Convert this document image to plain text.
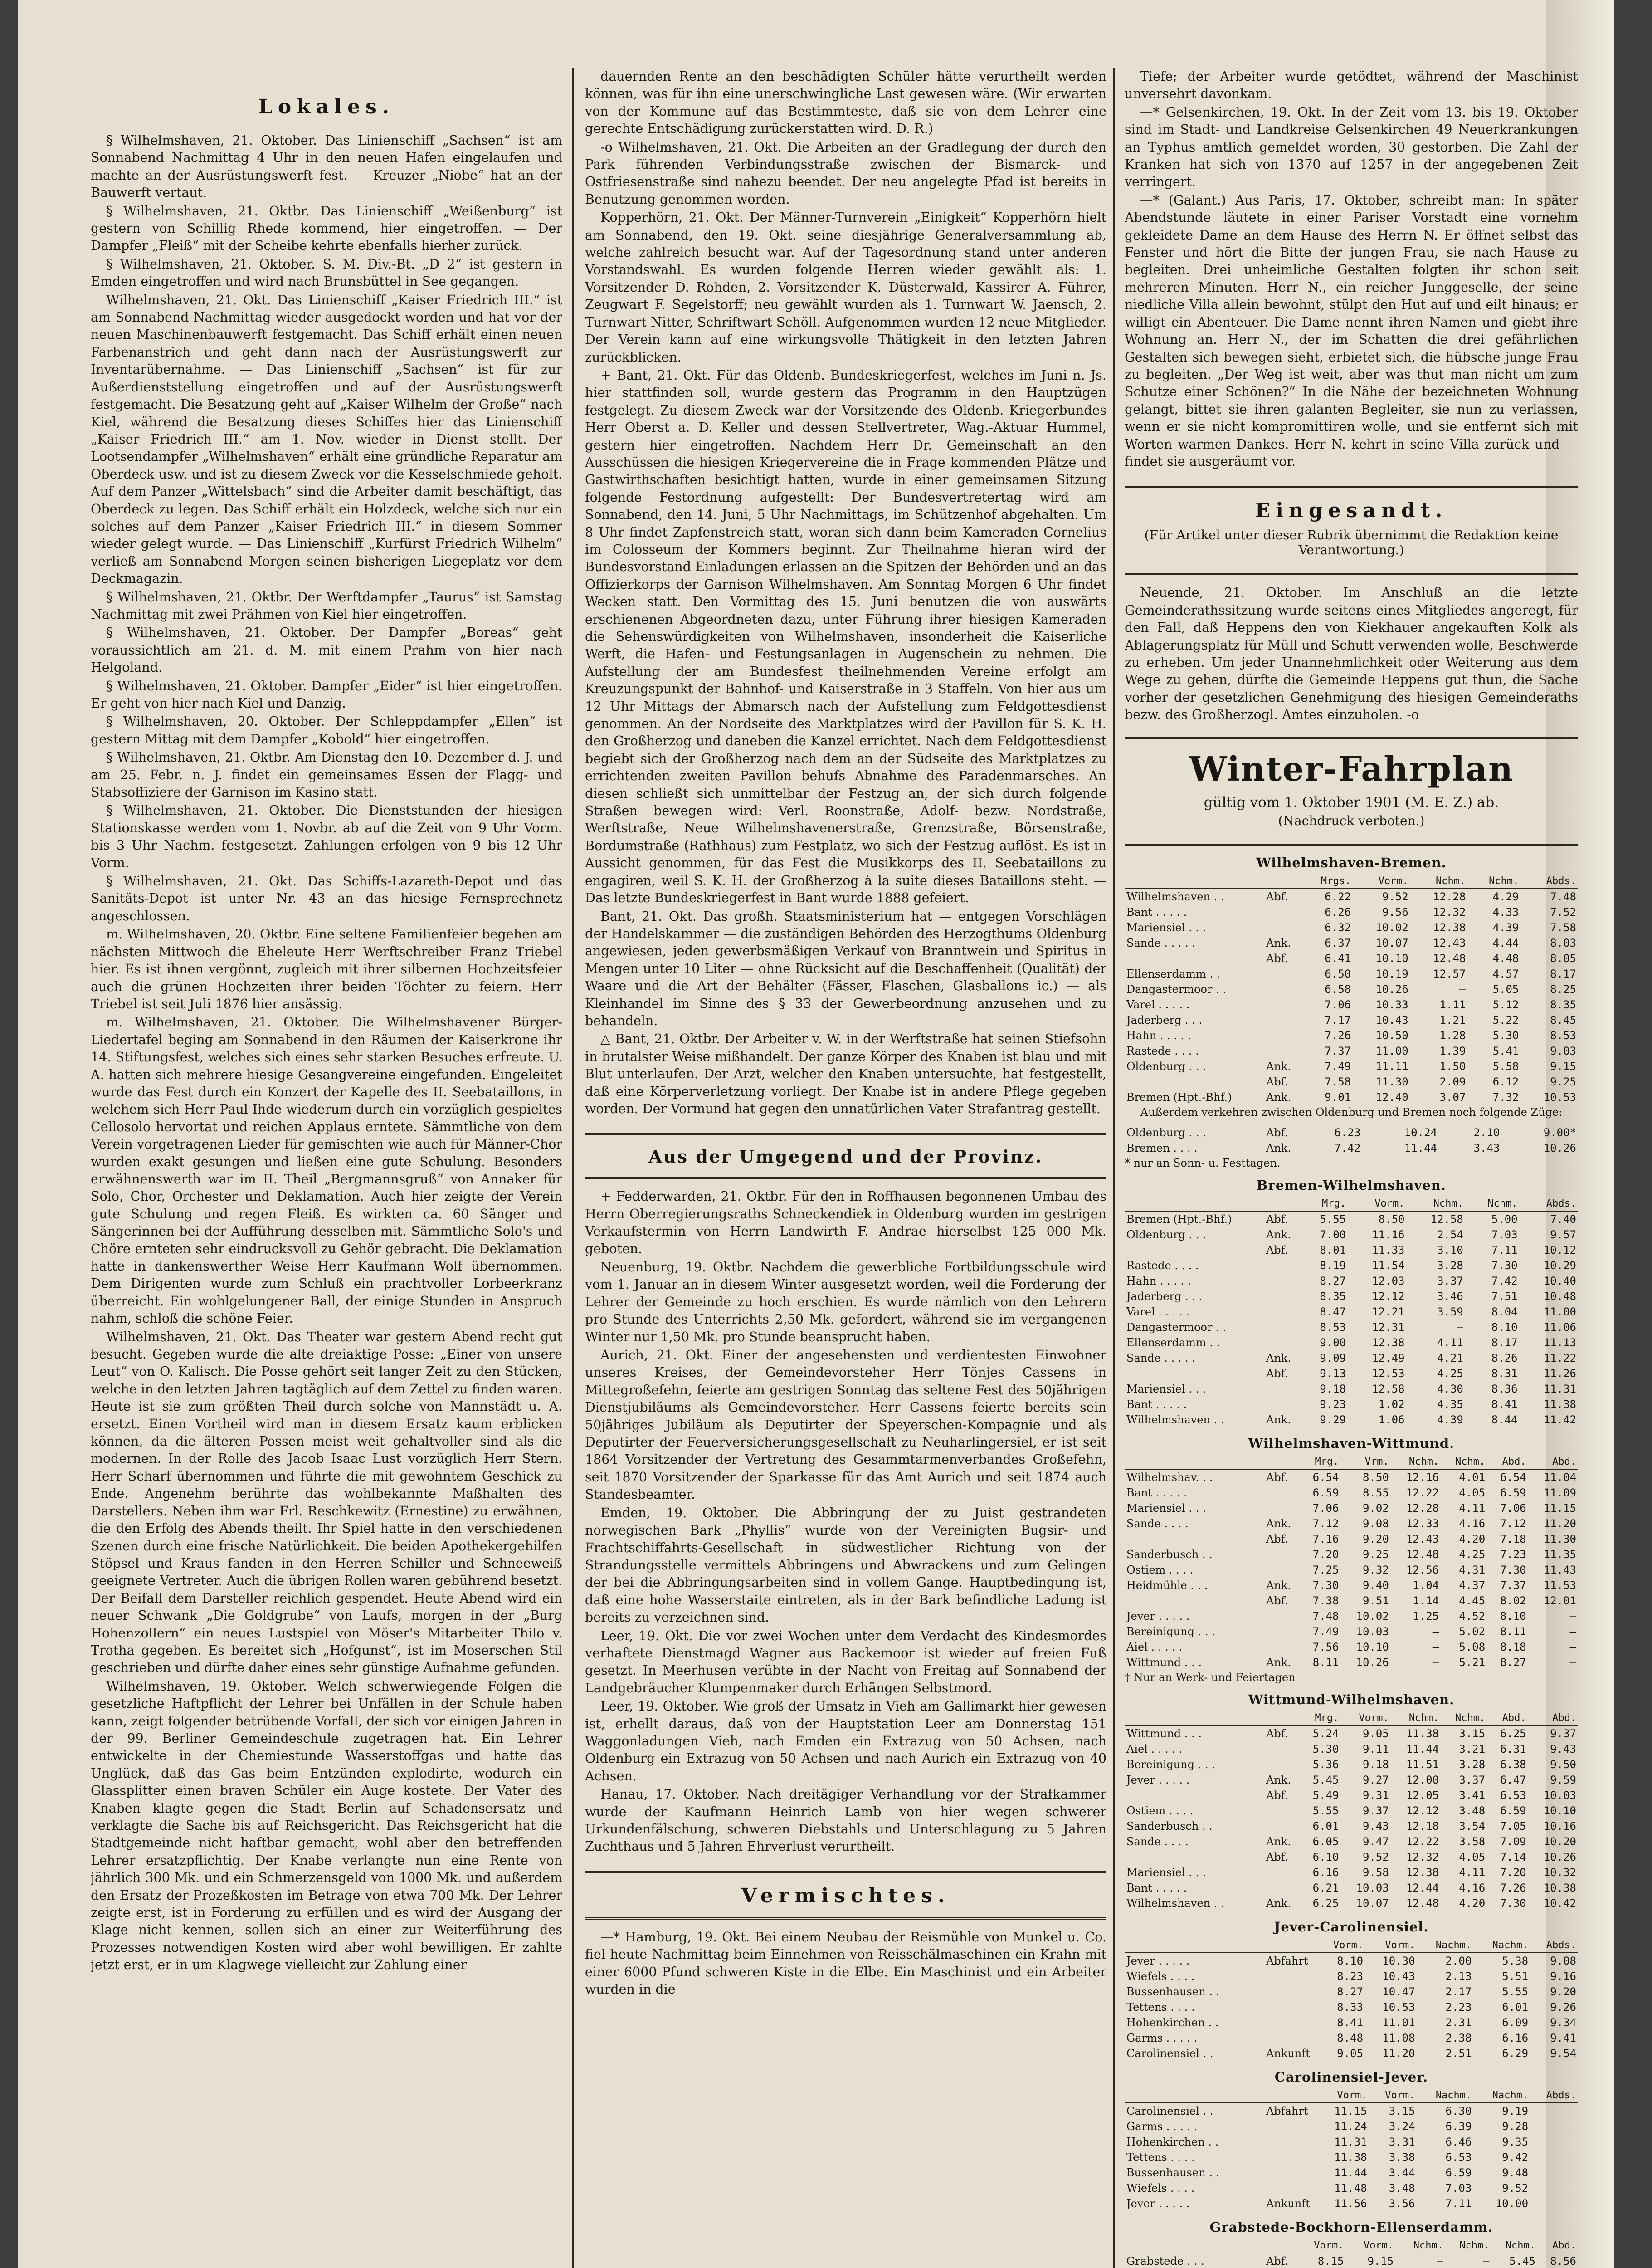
Lokales.

§ Wilhelmshaven, 21. Oktober. Das Linienschiff „Sachsen“ ist am Sonnabend Nachmittag 4 Uhr in den neuen Hafen eingelaufen und machte an der Ausrüstungswerft fest. — Kreuzer „Niobe“ hat an der Bauwerft vertaut.

§ Wilhelmshaven, 21. Oktbr. Das Linienschiff „Weißenburg“ ist gestern von Schillig Rhede kommend, hier eingetroffen. — Der Dampfer „Fleiß“ mit der Scheibe kehrte ebenfalls hierher zurück.

§ Wilhelmshaven, 21. Oktober. S. M. Div.-Bt. „D 2“ ist gestern in Emden eingetroffen und wird nach Brunsbüttel in See gegangen.

Wilhelmshaven, 21. Okt. Das Linienschiff „Kaiser Friedrich III.“ ist am Sonnabend Nachmittag wieder ausgedockt worden und hat vor der neuen Maschinenbauwerft festgemacht. Das Schiff erhält einen neuen Farbenanstrich und geht dann nach der Ausrüstungswerft zur Inventarübernahme. — Das Linienschiff „Sachsen“ ist für zur Außerdienststellung eingetroffen und auf der Ausrüstungswerft festgemacht. Die Besatzung geht auf „Kaiser Wilhelm der Große“ nach Kiel, während die Besatzung dieses Schiffes hier das Linienschiff „Kaiser Friedrich III.“ am 1. Nov. wieder in Dienst stellt. Der Lootsendampfer „Wilhelmshaven“ erhält eine gründliche Reparatur am Oberdeck usw. und ist zu diesem Zweck vor die Kesselschmiede geholt. Auf dem Panzer „Wittelsbach“ sind die Arbeiter damit beschäftigt, das Oberdeck zu legen. Das Schiff erhält ein Holzdeck, welche sich nur ein solches auf dem Panzer „Kaiser Friedrich III.“ in diesem Sommer wieder gelegt wurde. — Das Linienschiff „Kurfürst Friedrich Wilhelm“ verließ am Sonnabend Morgen seinen bisherigen Liegeplatz vor dem Deckmagazin.

§ Wilhelmshaven, 21. Oktbr. Der Werftdampfer „Taurus“ ist Samstag Nachmittag mit zwei Prähmen von Kiel hier eingetroffen.

§ Wilhelmshaven, 21. Oktober. Der Dampfer „Boreas“ geht voraussichtlich am 21. d. M. mit einem Prahm von hier nach Helgoland.

§ Wilhelmshaven, 21. Oktober. Dampfer „Eider“ ist hier eingetroffen. Er geht von hier nach Kiel und Danzig.

§ Wilhelmshaven, 20. Oktober. Der Schleppdampfer „Ellen“ ist gestern Mittag mit dem Dampfer „Kobold“ hier eingetroffen.

§ Wilhelmshaven, 21. Oktbr. Am Dienstag den 10. Dezember d. J. und am 25. Febr. n. J. findet ein gemeinsames Essen der Flagg- und Stabsoffiziere der Garnison im Kasino statt.

§ Wilhelmshaven, 21. Oktober. Die Dienststunden der hiesigen Stationskasse werden vom 1. Novbr. ab auf die Zeit von 9 Uhr Vorm. bis 3 Uhr Nachm. festgesetzt. Zahlungen erfolgen von 9 bis 12 Uhr Vorm.

§ Wilhelmshaven, 21. Okt. Das Schiffs-Lazareth-Depot und das Sanitäts-Depot ist unter Nr. 43 an das hiesige Fernsprechnetz angeschlossen.

m. Wilhelmshaven, 20. Oktbr. Eine seltene Familienfeier begehen am nächsten Mittwoch die Eheleute Herr Werftschreiber Franz Triebel hier. Es ist ihnen vergönnt, zugleich mit ihrer silbernen Hochzeitsfeier auch die grünen Hochzeiten ihrer beiden Töchter zu feiern. Herr Triebel ist seit Juli 1876 hier ansässig.

m. Wilhelmshaven, 21. Oktober. Die Wilhelmshavener Bürger-Liedertafel beging am Sonnabend in den Räumen der Kaiserkrone ihr 14. Stiftungsfest, welches sich eines sehr starken Besuches erfreute. U. A. hatten sich mehrere hiesige Gesangvereine eingefunden. Eingeleitet wurde das Fest durch ein Konzert der Kapelle des II. Seebataillons, in welchem sich Herr Paul Ihde wiederum durch ein vorzüglich gespieltes Cellosolo hervortat und reichen Applaus erntete. Sämmtliche von dem Verein vorgetragenen Lieder für gemischten wie auch für Männer-Chor wurden exakt gesungen und ließen eine gute Schulung. Besonders erwähnenswerth war im II. Theil „Bergmannsgruß“ von Annaker für Solo, Chor, Orchester und Deklamation. Auch hier zeigte der Verein gute Schulung und regen Fleiß. Es wirkten ca. 60 Sänger und Sängerinnen bei der Aufführung desselben mit. Sämmtliche Solo's und Chöre ernteten sehr eindrucksvoll zu Gehör gebracht. Die Deklamation hatte in dankenswerther Weise Herr Kaufmann Wolf übernommen. Dem Dirigenten wurde zum Schluß ein prachtvoller Lorbeerkranz überreicht. Ein wohlgelungener Ball, der einige Stunden in Anspruch nahm, schloß die schöne Feier.

Wilhelmshaven, 21. Okt. Das Theater war gestern Abend recht gut besucht. Gegeben wurde die alte dreiaktige Posse: „Einer von unsere Leut“ von O. Kalisch. Die Posse gehört seit langer Zeit zu den Stücken, welche in den letzten Jahren tagtäglich auf dem Zettel zu finden waren. Heute ist sie zum größten Theil durch solche von Mannstädt u. A. ersetzt. Einen Vortheil wird man in diesem Ersatz kaum erblicken können, da die älteren Possen meist weit gehaltvoller sind als die modernen. In der Rolle des Jacob Isaac Lust vorzüglich Herr Stern. Herr Scharf übernommen und führte die mit gewohntem Geschick zu Ende. Angenehm berührte das wohlbekannte Maßhalten des Darstellers. Neben ihm war Frl. Reschkewitz (Ernestine) zu erwähnen, die den Erfolg des Abends theilt. Ihr Spiel hatte in den verschiedenen Szenen durch eine frische Natürlichkeit. Die beiden Apothekergehilfen Stöpsel und Kraus fanden in den Herren Schiller und Schneeweiß geeignete Vertreter. Auch die übrigen Rollen waren gebührend besetzt. Der Beifall dem Darsteller reichlich gespendet. Heute Abend wird ein neuer Schwank „Die Goldgrube“ von Laufs, morgen in der „Burg Hohenzollern“ ein neues Lustspiel von Möser's Mitarbeiter Thilo v. Trotha gegeben. Es bereitet sich „Hofgunst“, ist im Moserschen Stil geschrieben und dürfte daher eines sehr günstige Aufnahme gefunden.

Wilhelmshaven, 19. Oktober. Welch schwerwiegende Folgen die gesetzliche Haftpflicht der Lehrer bei Unfällen in der Schule haben kann, zeigt folgender betrübende Vorfall, der sich vor einigen Jahren in der 99. Berliner Gemeindeschule zugetragen hat. Ein Lehrer entwickelte in der Chemiestunde Wasserstoffgas und hatte das Unglück, daß das Gas beim Entzünden explodirte, wodurch ein Glassplitter einen braven Schüler ein Auge kostete. Der Vater des Knaben klagte gegen die Stadt Berlin auf Schadensersatz und verklagte die Sache bis auf Reichsgericht. Das Reichsgericht hat die Stadtgemeinde nicht haftbar gemacht, wohl aber den betreffenden Lehrer ersatzpflichtig. Der Knabe verlangte nun eine Rente von jährlich 300 Mk. und ein Schmerzensgeld von 1000 Mk. und außerdem den Ersatz der Prozeßkosten im Betrage von etwa 700 Mk. Der Lehrer zeigte erst, ist in Forderung zu erfüllen und es wird der Ausgang der Klage nicht kennen, sollen sich an einer zur Weiterführung des Prozesses notwendigen Kosten wird aber wohl bewilligen. Er zahlte jetzt erst, er in um Klagwege vielleicht zur Zahlung einer

dauernden Rente an den beschädigten Schüler hätte verurtheilt werden können, was für ihn eine unerschwingliche Last gewesen wäre. (Wir erwarten von der Kommune auf das Bestimmteste, daß sie von dem Lehrer eine gerechte Entschädigung zurückerstatten wird. D. R.)

-o Wilhelmshaven, 21. Okt. Die Arbeiten an der Gradlegung der durch den Park führenden Verbindungsstraße zwischen der Bismarck- und Ostfriesenstraße sind nahezu beendet. Der neu angelegte Pfad ist bereits in Benutzung genommen worden.

Kopperhörn, 21. Okt. Der Männer-Turnverein „Einigkeit“ Kopperhörn hielt am Sonnabend, den 19. Okt. seine diesjährige Generalversammlung ab, welche zahlreich besucht war. Auf der Tagesordnung stand unter anderen Vorstandswahl. Es wurden folgende Herren wieder gewählt als: 1. Vorsitzender D. Rohden, 2. Vorsitzender K. Düsterwald, Kassirer A. Führer, Zeugwart F. Segelstorff; neu gewählt wurden als 1. Turnwart W. Jaensch, 2. Turnwart Nitter, Schriftwart Schöll. Aufgenommen wurden 12 neue Mitglieder. Der Verein kann auf eine wirkungsvolle Thätigkeit in den letzten Jahren zurückblicken.

+ Bant, 21. Okt. Für das Oldenb. Bundeskriegerfest, welches im Juni n. Js. hier stattfinden soll, wurde gestern das Programm in den Hauptzügen festgelegt. Zu diesem Zweck war der Vorsitzende des Oldenb. Kriegerbundes Herr Oberst a. D. Keller und dessen Stellvertreter, Wag.-Aktuar Hummel, gestern hier eingetroffen. Nachdem Herr Dr. Gemeinschaft an den Ausschüssen die hiesigen Kriegervereine die in Frage kommenden Plätze und Gastwirthschaften besichtigt hatten, wurde in einer gemeinsamen Sitzung folgende Festordnung aufgestellt: Der Bundesvertretertag wird am Sonnabend, den 14. Juni, 5 Uhr Nachmittags, im Schützenhof abgehalten. Um 8 Uhr findet Zapfenstreich statt, woran sich dann beim Kameraden Cornelius im Colosseum der Kommers beginnt. Zur Theilnahme hieran wird der Bundesvorstand Einladungen erlassen an die Spitzen der Behörden und an das Offizierkorps der Garnison Wilhelmshaven. Am Sonntag Morgen 6 Uhr findet Wecken statt. Den Vormittag des 15. Juni benutzen die von auswärts erschienenen Abgeordneten dazu, unter Führung ihrer hiesigen Kameraden die Sehenswürdigkeiten von Wilhelmshaven, insonderheit die Kaiserliche Werft, die Hafen- und Festungsanlagen in Augenschein zu nehmen. Die Aufstellung der am Bundesfest theilnehmenden Vereine erfolgt am Kreuzungspunkt der Bahnhof- und Kaiserstraße in 3 Staffeln. Von hier aus um 12 Uhr Mittags der Abmarsch nach der Aufstellung zum Feldgottesdienst genommen. An der Nordseite des Marktplatzes wird der Pavillon für S. K. H. den Großherzog und daneben die Kanzel errichtet. Nach dem Feldgottesdienst begiebt sich der Großherzog nach dem an der Südseite des Marktplatzes zu errichtenden zweiten Pavillon behufs Abnahme des Paradenmarsches. An diesen schließt sich unmittelbar der Festzug an, der sich durch folgende Straßen bewegen wird: Verl. Roonstraße, Adolf- bezw. Nordstraße, Werftstraße, Neue Wilhelmshavenerstraße, Grenzstraße, Börsenstraße, Bordumstraße (Rathhaus) zum Festplatz, wo sich der Festzug auflöst. Es ist in Aussicht genommen, für das Fest die Musikkorps des II. Seebataillons zu engagiren, weil S. K. H. der Großherzog à la suite dieses Bataillons steht. — Das letzte Bundeskriegerfest in Bant wurde 1888 gefeiert.

Bant, 21. Okt. Das großh. Staatsministerium hat — entgegen Vorschlägen der Handelskammer — die zuständigen Behörden des Herzogthums Oldenburg angewiesen, jeden gewerbsmäßigen Verkauf von Branntwein und Spiritus in Mengen unter 10 Liter — ohne Rücksicht auf die Beschaffenheit (Qualität) der Waare und die Art der Behälter (Fässer, Flaschen, Glasballons ic.) — als Kleinhandel im Sinne des § 33 der Gewerbeordnung anzusehen und zu behandeln.

△ Bant, 21. Oktbr. Der Arbeiter v. W. in der Werftstraße hat seinen Stiefsohn in brutalster Weise mißhandelt. Der ganze Körper des Knaben ist blau und mit Blut unterlaufen. Der Arzt, welcher den Knaben untersuchte, hat festgestellt, daß eine Körperverletzung vorliegt. Der Knabe ist in andere Pflege gegeben worden. Der Vormund hat gegen den unnatürlichen Vater Strafantrag gestellt.

Aus der Umgegend und der Provinz.

+ Fedderwarden, 21. Oktbr. Für den in Roffhausen begonnenen Umbau des Herrn Oberregierungsraths Schneckendiek in Oldenburg wurden im gestrigen Verkaufstermin von Herrn Landwirth F. Andrae hierselbst 125 000 Mk. geboten.

Neuenburg, 19. Oktbr. Nachdem die gewerbliche Fortbildungsschule wird vom 1. Januar an in diesem Winter ausgesetzt worden, weil die Forderung der Lehrer der Gemeinde zu hoch erschien. Es wurde nämlich von den Lehrern pro Stunde des Unterrichts 2,50 Mk. gefordert, während sie im vergangenen Winter nur 1,50 Mk. pro Stunde beansprucht haben.

Aurich, 21. Okt. Einer der angesehensten und verdientesten Einwohner unseres Kreises, der Gemeindevorsteher Herr Tönjes Cassens in Mittegroßefehn, feierte am gestrigen Sonntag das seltene Fest des 50jährigen Dienstjubiläums als Gemeindevorsteher. Herr Cassens feierte bereits sein 50jähriges Jubiläum als Deputirter der Speyerschen-Kompagnie und als Deputirter der Feuerversicherungsgesellschaft zu Neuharlingersiel, er ist seit 1864 Vorsitzender der Vertretung des Gesammtarmenverbandes Großefehn, seit 1870 Vorsitzender der Sparkasse für das Amt Aurich und seit 1874 auch Standesbeamter.

Emden, 19. Oktober. Die Abbringung der zu Juist gestrandeten norwegischen Bark „Phyllis“ wurde von der Vereinigten Bugsir- und Frachtschiffahrts-Gesellschaft in südwestlicher Richtung von der Strandungsstelle vermittels Abbringens und Abwrackens und zum Gelingen der bei die Abbringungsarbeiten sind in vollem Gange. Hauptbedingung ist, daß eine hohe Wasserstaite eintreten, als in der Bark befindliche Ladung ist bereits zu verzeichnen sind.

Leer, 19. Okt. Die vor zwei Wochen unter dem Verdacht des Kindesmordes verhaftete Dienstmagd Wagner aus Backemoor ist wieder auf freien Fuß gesetzt. In Meerhusen verübte in der Nacht von Freitag auf Sonnabend der Landgebräucher Klumpenmaker durch Erhängen Selbstmord.

Leer, 19. Oktober. Wie groß der Umsatz in Vieh am Gallimarkt hier gewesen ist, erhellt daraus, daß von der Hauptstation Leer am Donnerstag 151 Waggonladungen Vieh, nach Emden ein Extrazug von 50 Achsen, nach Oldenburg ein Extrazug von 50 Achsen und nach Aurich ein Extrazug von 40 Achsen.

Hanau, 17. Oktober. Nach dreitägiger Verhandlung vor der Strafkammer wurde der Kaufmann Heinrich Lamb von hier wegen schwerer Urkundenfälschung, schweren Diebstahls und Unterschlagung zu 5 Jahren Zuchthaus und 5 Jahren Ehrverlust verurtheilt.

Vermischtes.

—* Hamburg, 19. Okt. Bei einem Neubau der Reismühle von Munkel u. Co. fiel heute Nachmittag beim Einnehmen von Reisschälmaschinen ein Krahn mit einer 6000 Pfund schweren Kiste in die Elbe. Ein Maschinist und ein Arbeiter wurden in die

Tiefe; der Arbeiter wurde getödtet, während der Maschinist unversehrt davonkam.

—* Gelsenkirchen, 19. Okt. In der Zeit vom 13. bis 19. Oktober sind im Stadt- und Landkreise Gelsenkirchen 49 Neuerkrankungen an Typhus amtlich gemeldet worden, 30 gestorben. Die Zahl der Kranken hat sich von 1370 auf 1257 in der angegebenen Zeit verringert.

—* (Galant.) Aus Paris, 17. Oktober, schreibt man: In später Abendstunde läutete in einer Pariser Vorstadt eine vornehm gekleidete Dame an dem Hause des Herrn N. Er öffnet selbst das Fenster und hört die Bitte der jungen Frau, sie nach Hause zu begleiten. Drei unheimliche Gestalten folgten ihr schon seit mehreren Minuten. Herr N., ein reicher Junggeselle, der seine niedliche Villa allein bewohnt, stülpt den Hut auf und eilt hinaus; er willigt ein Abenteuer. Die Dame nennt ihren Namen und giebt ihre Wohnung an. Herr N., der im Schatten die drei gefährlichen Gestalten sich bewegen sieht, erbietet sich, die hübsche junge Frau zu begleiten. „Der Weg ist weit, aber was thut man nicht um zum Schutze einer Schönen?“ In die Nähe der bezeichneten Wohnung gelangt, bittet sie ihren galanten Begleiter, sie nun zu verlassen, wenn er sie nicht kompromittiren wolle, und sie entfernt sich mit Worten warmen Dankes. Herr N. kehrt in seine Villa zurück und — findet sie ausgeräumt vor.

Eingesandt.
(Für Artikel unter dieser Rubrik übernimmt die Redaktion keine Verantwortung.)

Neuende, 21. Oktober. Im Anschluß an die letzte Gemeinderathssitzung wurde seitens eines Mitgliedes angeregt, für den Fall, daß Heppens den von Kiekhauer angekauften Kolk als Ablagerungsplatz für Müll und Schutt verwenden wolle, Beschwerde zu erheben. Um jeder Unannehmlichkeit oder Weiterung aus dem Wege zu gehen, dürfte die Gemeinde Heppens gut thun, die Sache vorher der gesetzlichen Genehmigung des hiesigen Gemeinderaths bezw. des Großherzogl. Amtes einzuholen. -o

Winter-Fahrplan
gültig vom 1. Oktober 1901 (M. E. Z.) ab.
(Nachdruck verboten.)
Wilhelmshaven-Bremen.
		Mrgs.	Vorm.	Nchm.	Nchm.	Abds.
Wilhelmshaven . .	Abf.	6.22	9.52	12.28	4.29	7.48
Bant . . . . .		6.26	9.56	12.32	4.33	7.52
Mariensiel . . .		6.32	10.02	12.38	4.39	7.58
Sande . . . . .	Ank.	6.37	10.07	12.43	4.44	8.03
	Abf.	6.41	10.10	12.48	4.48	8.05
Ellenserdamm . .		6.50	10.19	12.57	4.57	8.17
Dangastermoor . .		6.58	10.26	—	5.05	8.25
Varel . . . . .		7.06	10.33	1.11	5.12	8.35
Jaderberg . . .		7.17	10.43	1.21	5.22	8.45
Hahn . . . . .		7.26	10.50	1.28	5.30	8.53
Rastede . . . .		7.37	11.00	1.39	5.41	9.03
Oldenburg . . .	Ank.	7.49	11.11	1.50	5.58	9.15
	Abf.	7.58	11.30	2.09	6.12	9.25
Bremen (Hpt.-Bhf.)	Ank.	9.01	12.40	3.07	7.32	10.53
Außerdem verkehren zwischen Oldenburg und Bremen noch folgende Züge:
Oldenburg . . .	Abf.	6.23	10.24	2.10	9.00*
Bremen . . . .	Ank.	7.42	11.44	3.43	10.26
* nur an Sonn- u. Festtagen.
Bremen-Wilhelmshaven.
		Mrg.	Vorm.	Nchm.	Nchm.	Abds.
Bremen (Hpt.-Bhf.)	Abf.	5.55	8.50	12.58	5.00	7.40
Oldenburg . . .	Ank.	7.00	11.16	2.54	7.03	9.57
	Abf.	8.01	11.33	3.10	7.11	10.12
Rastede . . . .		8.19	11.54	3.28	7.30	10.29
Hahn . . . . .		8.27	12.03	3.37	7.42	10.40
Jaderberg . . .		8.35	12.12	3.46	7.51	10.48
Varel . . . . .		8.47	12.21	3.59	8.04	11.00
Dangastermoor . .		8.53	12.31	—	8.10	11.06
Ellenserdamm . .		9.00	12.38	4.11	8.17	11.13
Sande . . . . .	Ank.	9.09	12.49	4.21	8.26	11.22
	Abf.	9.13	12.53	4.25	8.31	11.26
Mariensiel . . .		9.18	12.58	4.30	8.36	11.31
Bant . . . . .		9.23	1.02	4.35	8.41	11.38
Wilhelmshaven . .	Ank.	9.29	1.06	4.39	8.44	11.42
Wilhelmshaven-Wittmund.
		Mrg.	Vrm.	Nchm.	Nchm.	Abd.	Abd.
Wilhelmshav. . .	Abf.	6.54	8.50	12.16	4.01	6.54	11.04
Bant . . . . .		6.59	8.55	12.22	4.05	6.59	11.09
Mariensiel . . .		7.06	9.02	12.28	4.11	7.06	11.15
Sande . . . .	Ank.	7.12	9.08	12.33	4.16	7.12	11.20
	Abf.	7.16	9.20	12.43	4.20	7.18	11.30
Sanderbusch . .		7.20	9.25	12.48	4.25	7.23	11.35
Ostiem . . . .		7.25	9.32	12.56	4.31	7.30	11.43
Heidmühle . . .	Ank.	7.30	9.40	1.04	4.37	7.37	11.53
	Abf.	7.38	9.51	1.14	4.45	8.02	12.01
Jever . . . . .		7.48	10.02	1.25	4.52	8.10	—
Bereinigung . . .		7.49	10.03	—	5.02	8.11	—
Aiel . . . . .		7.56	10.10	—	5.08	8.18	—
Wittmund . . .	Ank.	8.11	10.26	—	5.21	8.27	—
† Nur an Werk- und Feiertagen
Wittmund-Wilhelmshaven.
		Mrg.	Vorm.	Nchm.	Nchm.	Abd.	Abd.
Wittmund . . .	Abf.	5.24	9.05	11.38	3.15	6.25	9.37
Aiel . . . . .		5.30	9.11	11.44	3.21	6.31	9.43
Bereinigung . . .		5.36	9.18	11.51	3.28	6.38	9.50
Jever . . . . .	Ank.	5.45	9.27	12.00	3.37	6.47	9.59
	Abf.	5.49	9.31	12.05	3.41	6.53	10.03
Ostiem . . . .		5.55	9.37	12.12	3.48	6.59	10.10
Sanderbusch . .		6.01	9.43	12.18	3.54	7.05	10.16
Sande . . . .	Ank.	6.05	9.47	12.22	3.58	7.09	10.20
	Abf.	6.10	9.52	12.32	4.05	7.14	10.26
Mariensiel . . .		6.16	9.58	12.38	4.11	7.20	10.32
Bant . . . . .		6.21	10.03	12.44	4.16	7.26	10.38
Wilhelmshaven . .	Ank.	6.25	10.07	12.48	4.20	7.30	10.42
Jever-Carolinensiel.
			Vorm.	Vorm.	Nachm.	Nachm.	Abds.
Jever . . . . .	Abfahrt		8.10	10.30	2.00	5.38	9.08
Wiefels . . . .			8.23	10.43	2.13	5.51	9.16
Bussenhausen . .			8.27	10.47	2.17	5.55	9.20
Tettens . . . .			8.33	10.53	2.23	6.01	9.26
Hohenkirchen . .			8.41	11.01	2.31	6.09	9.34
Garms . . . . .			8.48	11.08	2.38	6.16	9.41
Carolinensiel . .	Ankunft		9.05	11.20	2.51	6.29	9.54
Carolinensiel-Jever.
			Vorm.	Vorm.	Nachm.	Nachm.	Abds.
Carolinensiel . .	Abfahrt		11.15	3.15	6.30	9.19	
Garms . . . . .			11.24	3.24	6.39	9.28	
Hohenkirchen . .			11.31	3.31	6.46	9.35	
Tettens . . . .			11.38	3.38	6.53	9.42	
Bussenhausen . .			11.44	3.44	6.59	9.48	
Wiefels . . . .			11.48	3.48	7.03	9.52	
Jever . . . . .	Ankunft		11.56	3.56	7.11	10.00	
Grabstede-Bockhorn-Ellenserdamm.
		Vorm.	Vorm.	Nchm.	Nchm.	Nchm.	Abd.
Grabstede . . .	Abf.	8.15	9.15	—	—	5.45	8.56
